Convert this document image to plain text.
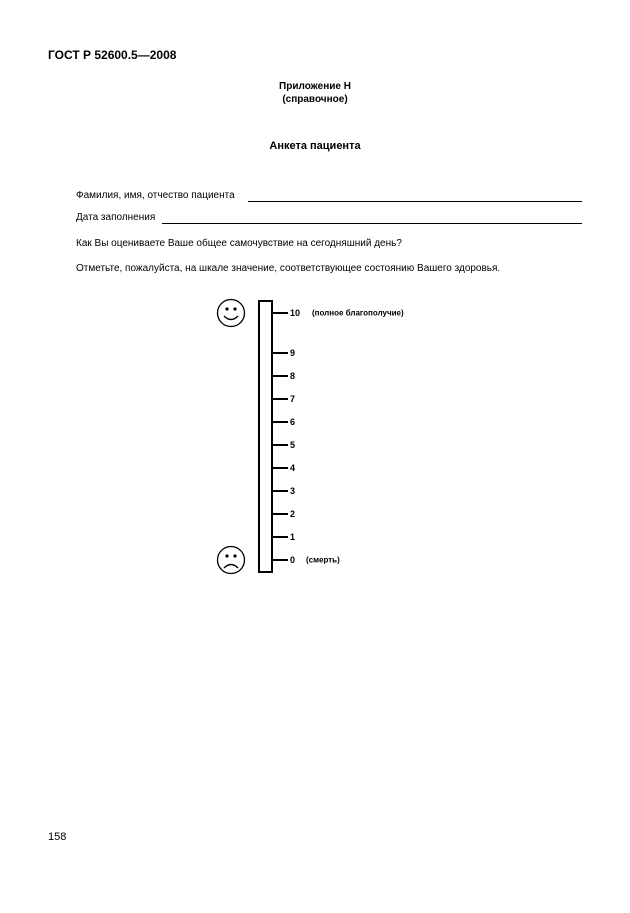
ГОСТ Р 52600.5—2008
Приложение Н
(справочное)
Анкета пациента
Фамилия, имя, отчество пациента
Дата заполнения
Как Вы оцениваете Ваше общее самочувствие на сегодняшний день?
Отметьте, пожалуйста, на шкале значение, соответствующее состоянию Вашего здоровья.
10
9
8
7
6
5
4
3
2
1
0
(полное благополучие)
(смерть)
158
